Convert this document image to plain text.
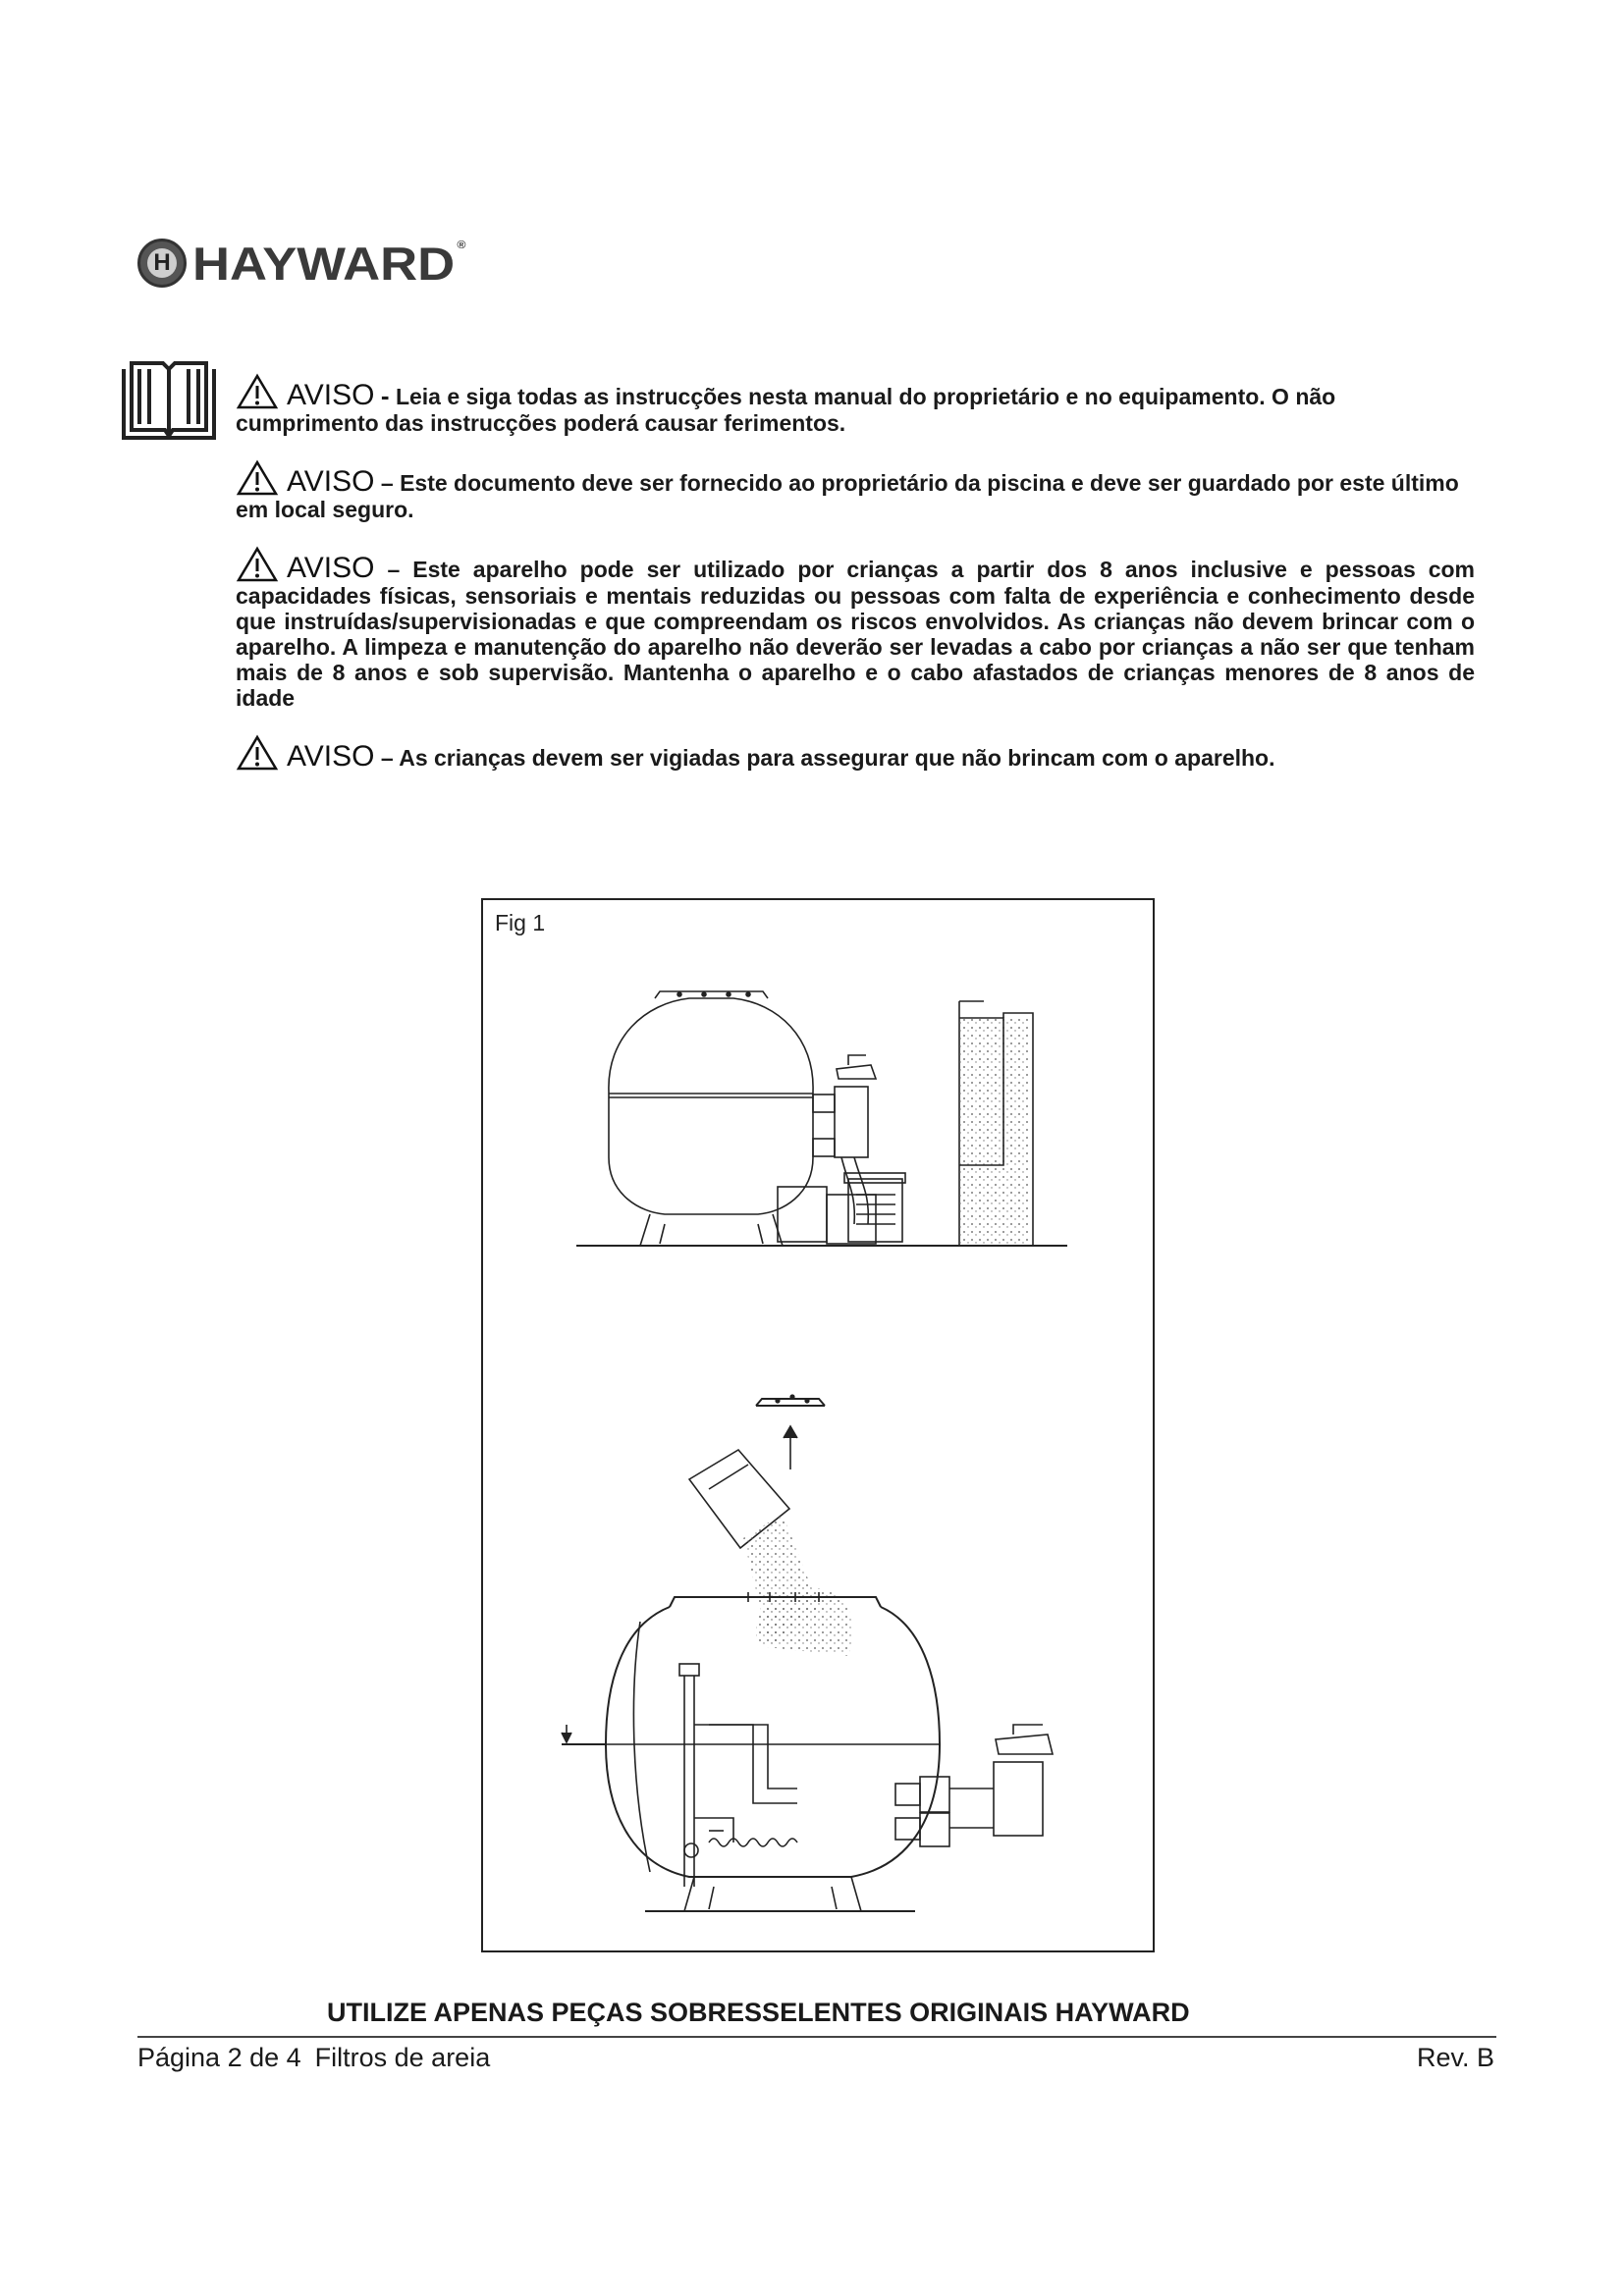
H HAYWARD ®
AVISO - Leia e siga todas as instrucções nesta manual do proprietário e no equipamento. O não cumprimento das instrucções poderá causar ferimentos.
AVISO – Este documento deve ser fornecido ao proprietário da piscina e deve ser guardado por este último em local seguro.
AVISO – Este aparelho pode ser utilizado por crianças a partir dos 8 anos inclusive e pessoas com capacidades físicas, sensoriais e mentais reduzidas ou pessoas com falta de experiência e conhecimento desde que instruídas/supervisionadas e que compreendam os riscos envolvidos. As crianças não devem brincar com o aparelho. A limpeza e manutenção do aparelho não deverão ser levadas a cabo por crianças a não ser que tenham mais de 8 anos e sob supervisão. Mantenha o aparelho e o cabo afastados de crianças menores de 8 anos de idade
AVISO – As crianças devem ser vigiadas para assegurar que não brincam com o aparelho.
Fig 1
UTILIZE APENAS PEÇAS SOBRESSELENTES ORIGINAIS HAYWARD
Página 2 de 4 Filtros de areia	Rev. B
